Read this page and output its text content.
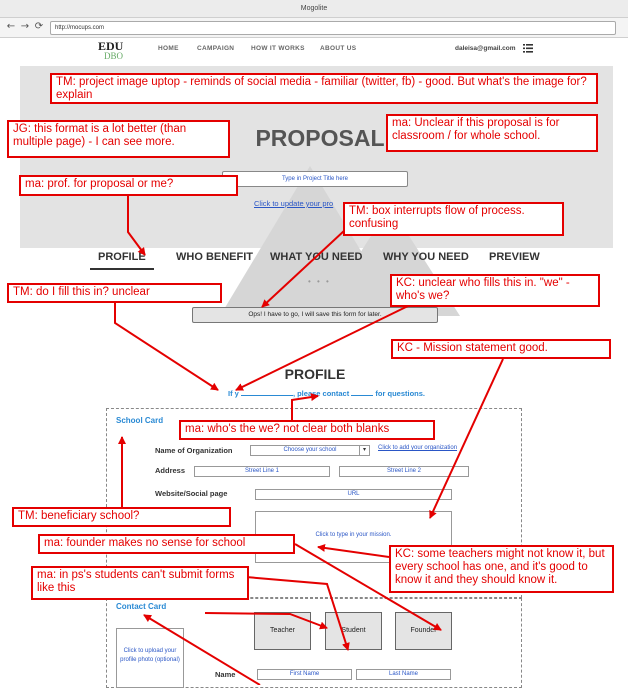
Mogolite
← → ⟳	http://mocups.com
EDU
DBO
HOME	CAMPAIGN	HOW IT WORKS ABOUT US	daleisa@gmail.com
PROPOSAL
Type in Project Title here
Click to update your pro
PROFILE	WHO BENEFIT WHAT YOU NEED WHY YOU NEED PREVIEW
• • •
Ops! I have to go, I will save this form for later.
PROFILE
If y	, please contact	for questions.
School Card
Name of Organization	Choose your school	▾	Click to add your organization
Address	Street Line 1	Street Line 2
Website/Social page	URL
Click to type in your mission.
Contact Card
Click to upload your profile photo (optional)
Teacher	Student	Founder
Name	First Name	Last Name
TM: project image uptop - reminds of social media - familiar (twitter, fb) - good. But what's the image for? explain
JG: this format is a lot better (than multiple page) - I can see more.
ma: Unclear if this proposal is for classroom / for whole school.
ma: prof. for proposal or me?
TM: box interrupts flow of process. confusing
TM: do I fill this in? unclear
KC: unclear who fills this in. "we" - who's we?
KC - Mission statement good.
ma: who's the we? not clear both blanks
TM: beneficiary school?
ma: founder makes no sense for school
KC: some teachers might not know it, but every school has one, and it's good to know it and they should know it.
ma: in ps's students can't submit forms like this
